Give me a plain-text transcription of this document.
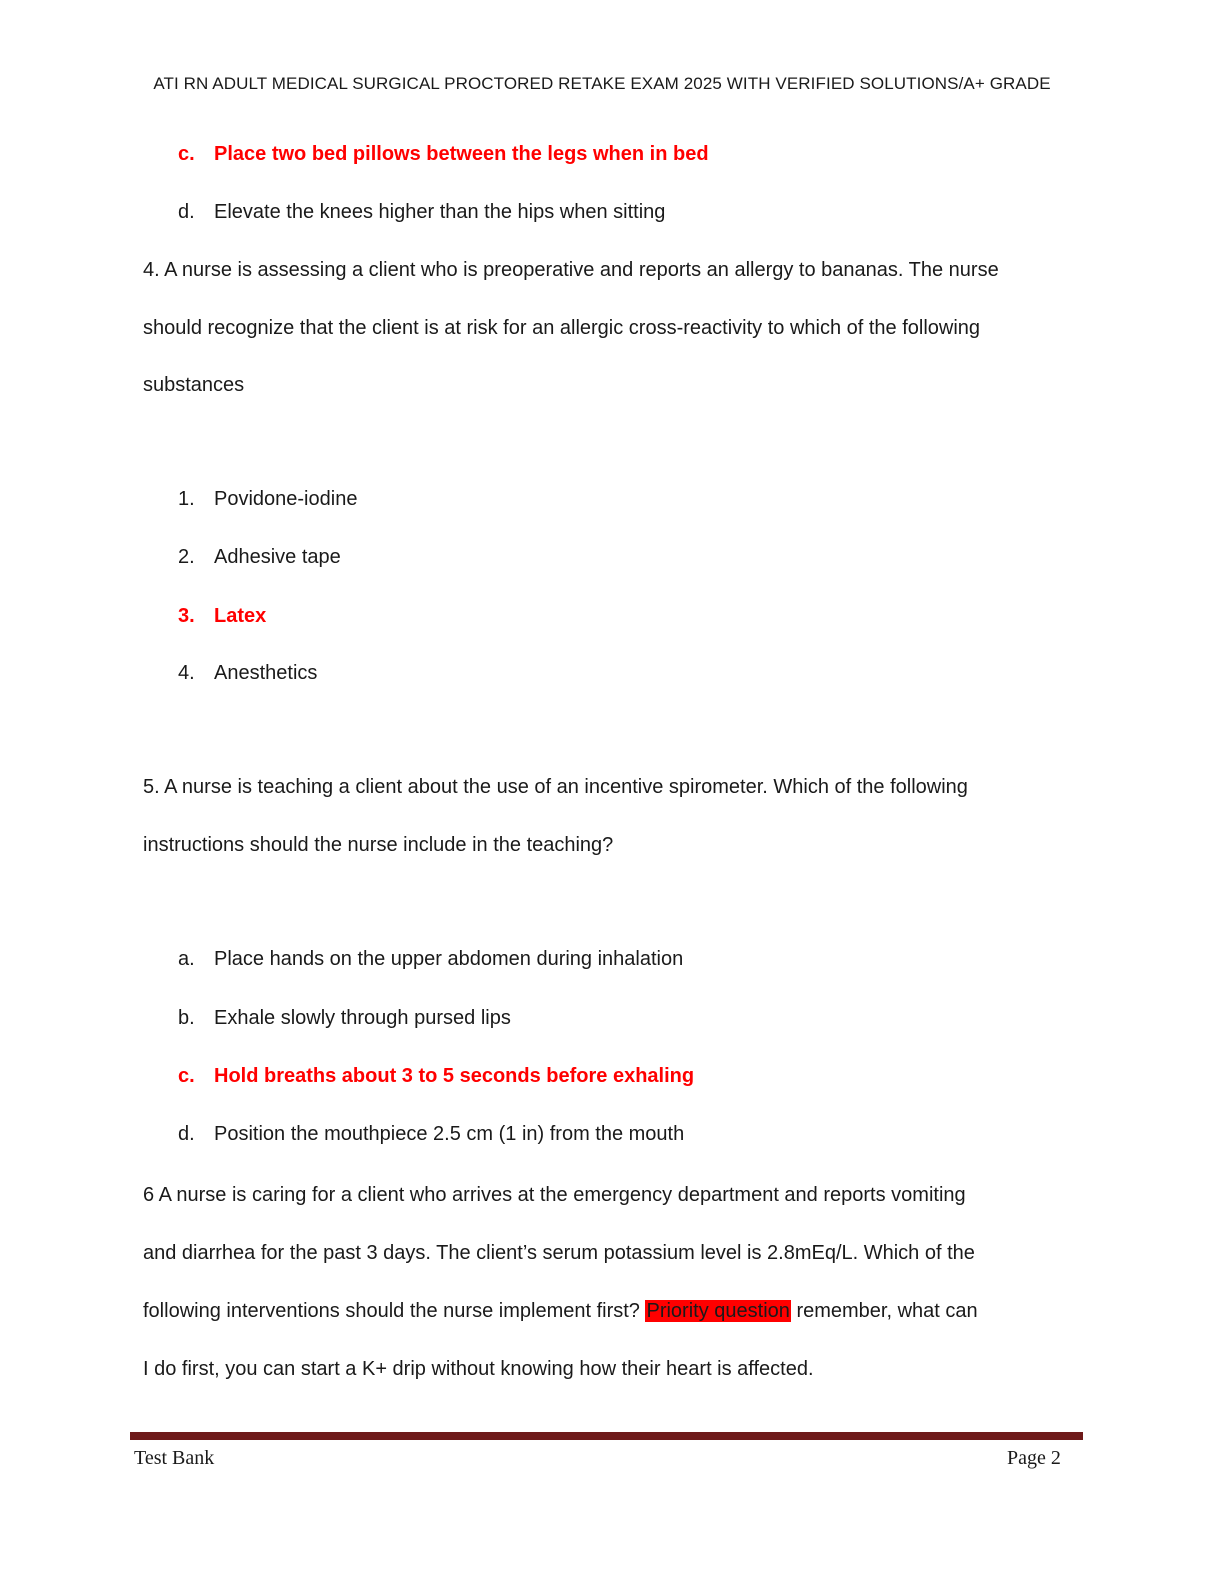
ATI RN ADULT MEDICAL SURGICAL PROCTORED RETAKE EXAM 2025 WITH VERIFIED SOLUTIONS/A+ GRADE
c. Place two bed pillows between the legs when in bed
d. Elevate the knees higher than the hips when sitting
4. A nurse is assessing a client who is preoperative and reports an allergy to bananas. The nurse
should recognize that the client is at risk for an allergic cross-reactivity to which of the following
substances
1. Povidone-iodine
2. Adhesive tape
3. Latex
4. Anesthetics
5. A nurse is teaching a client about the use of an incentive spirometer. Which of the following
instructions should the nurse include in the teaching?
a. Place hands on the upper abdomen during inhalation
b. Exhale slowly through pursed lips
c. Hold breaths about 3 to 5 seconds before exhaling
d. Position the mouthpiece 2.5 cm (1 in) from the mouth
6 A nurse is caring for a client who arrives at the emergency department and reports vomiting
and diarrhea for the past 3 days. The client’s serum potassium level is 2.8mEq/L. Which of the
following interventions should the nurse implement first? Priority question remember, what can
I do first, you can start a K+ drip without knowing how their heart is affected.
Test Bank	Page 2
